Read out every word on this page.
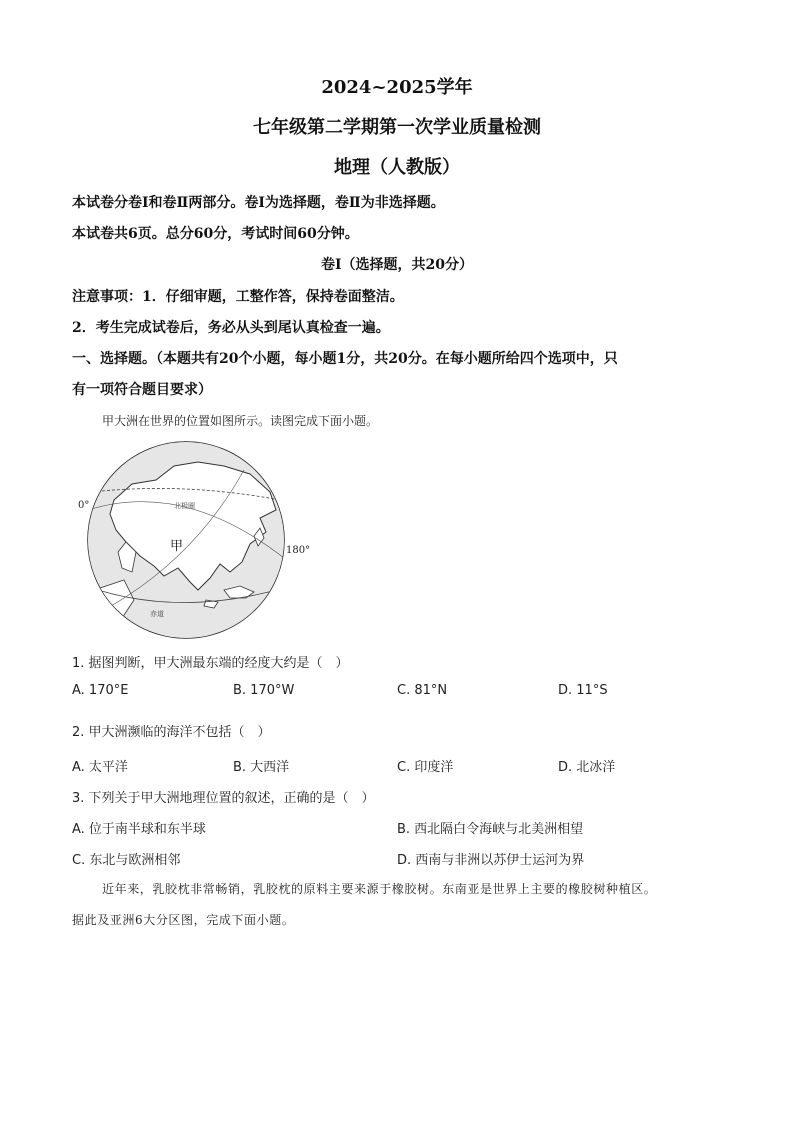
2024~2025学年
七年级第二学期第一次学业质量检测
地理（人教版）
本试卷分卷Ⅰ和卷Ⅱ两部分。卷Ⅰ为选择题，卷Ⅱ为非选择题。
本试卷共6页。总分60分，考试时间60分钟。
卷Ⅰ（选择题，共20分）
注意事项：1．仔细审题，工整作答，保持卷面整洁。
2．考生完成试卷后，务必从头到尾认真检查一遍。
一、选择题。（本题共有20个小题，每小题1分，共20分。在每小题所给四个选项中，只
有一项符合题目要求）
甲大洲在世界的位置如图所示。读图完成下面小题。
0°
180°
甲
北极圈
赤道
1. 据图判断，甲大洲最东端的经度大约是（　）
A. 170°E	B. 170°W	C. 81°N	D. 11°S
2. 甲大洲濒临的海洋不包括（　）
A. 太平洋	B. 大西洋	C. 印度洋	D. 北冰洋
3. 下列关于甲大洲地理位置的叙述，正确的是（　）
A. 位于南半球和东半球	B. 西北隔白令海峡与北美洲相望
C. 东北与欧洲相邻	D. 西南与非洲以苏伊士运河为界
近年来，乳胶枕非常畅销，乳胶枕的原料主要来源于橡胶树。东南亚是世界上主要的橡胶树种植区。
据此及亚洲6大分区图，完成下面小题。
